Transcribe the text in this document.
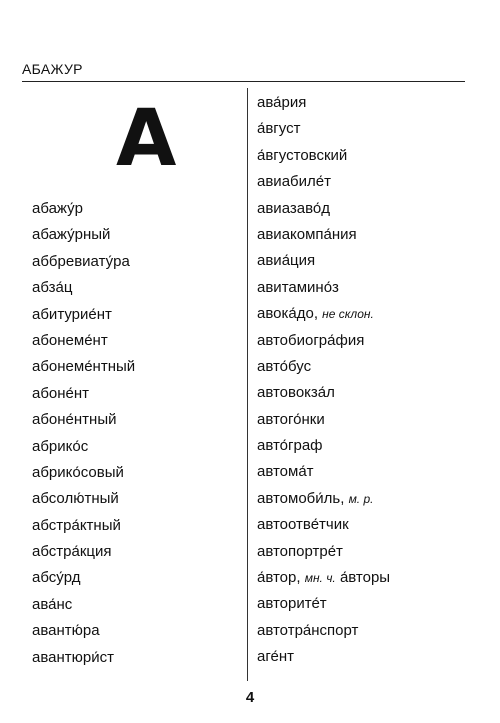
АБАЖУР
А
абажу́р
абажу́рный
аббревиату́ра
абза́ц
абитурие́нт
абонеме́нт
абонеме́нтный
абоне́нт
абоне́нтный
абрико́с
абрико́совый
абсолю́тный
абстра́ктный
абстра́кция
абсу́рд
ава́нс
авантю́ра
авантюри́ст
ава́рия
а́вгуст
а́вгустовский
авиабиле́т
авиазаво́д
авиакомпа́ния
авиа́ция
авитамино́з
авока́до, не склон.
автобиогра́фия
авто́бус
автовокза́л
автого́нки
авто́граф
автома́т
автомоби́ль, м. р.
автоотве́тчик
автопортре́т
а́втор, мн. ч. а́вторы
авторите́т
автотра́нспорт
аге́нт
4
